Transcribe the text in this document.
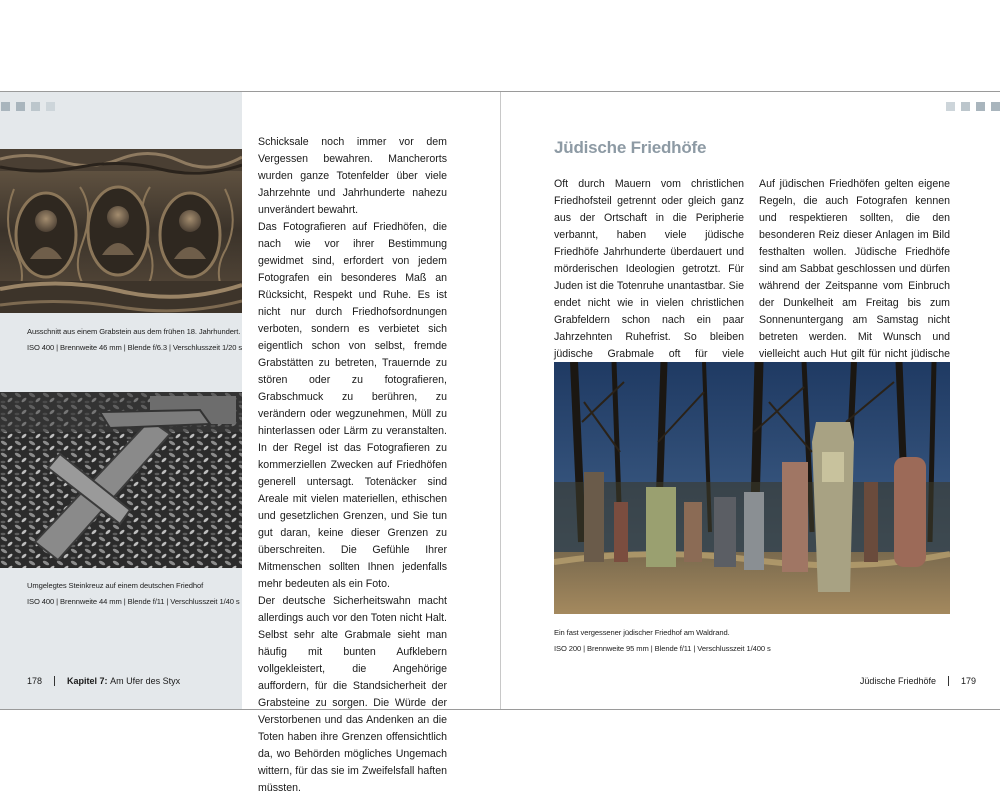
Ausschnitt aus einem Grabstein aus dem frühen 18. Jahrhundert.
ISO 400 | Brennweite 46 mm | Blende f/6.3 | Verschlusszeit 1/20 s
Umgelegtes Steinkreuz auf einem deutschen Friedhof
ISO 400 | Brennweite 44 mm | Blende f/11 | Verschlusszeit 1/40 s

Schicksale noch immer vor dem Vergessen bewahren. Mancherorts wurden ganze Totenfelder über viele Jahrzehnte und Jahrhunderte nahezu unverändert bewahrt.

Das Fotografieren auf Friedhöfen, die nach wie vor ihrer Bestimmung gewidmet sind, erfordert von jedem Fotografen ein besonderes Maß an Rücksicht, Respekt und Ruhe. Es ist nicht nur durch Friedhofsordnungen verboten, sondern es verbietet sich eigentlich schon von selbst, fremde Grabstätten zu betreten, Trauernde zu stören oder zu fotografieren, Grabschmuck zu berühren, zu verändern oder wegzunehmen, Müll zu hinterlassen oder Lärm zu veranstalten. In der Regel ist das Fotografieren zu kommerziellen Zwecken auf Friedhöfen generell untersagt. Totenäcker sind Areale mit vielen materiellen, ethischen und gesetzlichen Grenzen, und Sie tun gut daran, keine dieser Grenzen zu überschreiten. Die Gefühle Ihrer Mitmenschen sollten Ihnen jedenfalls mehr bedeuten als ein Foto.

Der deutsche Sicherheitswahn macht allerdings auch vor den Toten nicht Halt. Selbst sehr alte Grabmale sieht man häufig mit bunten Aufklebern vollgekleistert, die Angehörige auffordern, für die Standsicherheit der Grabsteine zu sorgen. Die Würde der Verstorbenen und das Andenken an die Toten haben ihre Grenzen offensichtlich da, wo Behörden mögliches Ungemach wittern, für das sie im Zweifelsfall haften müssten.

178	Kapitel 7:
Am Ufer des Styx
Jüdische Friedhöfe

Oft durch Mauern vom christlichen Friedhofsteil getrennt oder gleich ganz aus der Ortschaft in die Peripherie verbannt, haben viele jüdische Friedhöfe Jahrhunderte überdauert und mörderischen Ideologien getrotzt. Für Juden ist die Totenruhe unantastbar. Sie endet nicht wie in vielen christlichen Grabfeldern schon nach ein paar Jahrzehnten Ruhefrist. So bleiben jüdische Grabmale oft für viele

Auf jüdischen Friedhöfen gelten eigene Regeln, die auch Fotografen kennen und respektieren sollten, die den besonderen Reiz dieser Anlagen im Bild festhalten wollen. Jüdische Friedhöfe sind am Sabbat geschlossen und dürfen während der Zeitspanne vom Einbruch der Dunkelheit am Freitag bis zum Sonnenuntergang am Samstag nicht betreten werden. Mit Wunsch und vielleicht auch Hut gilt für nicht jüdische

Ein fast vergessener jüdischer Friedhof am Waldrand.
ISO 200 | Brennweite 95 mm | Blende f/11 | Verschlusszeit 1/400 s
Jüdische Friedhöfe	179
